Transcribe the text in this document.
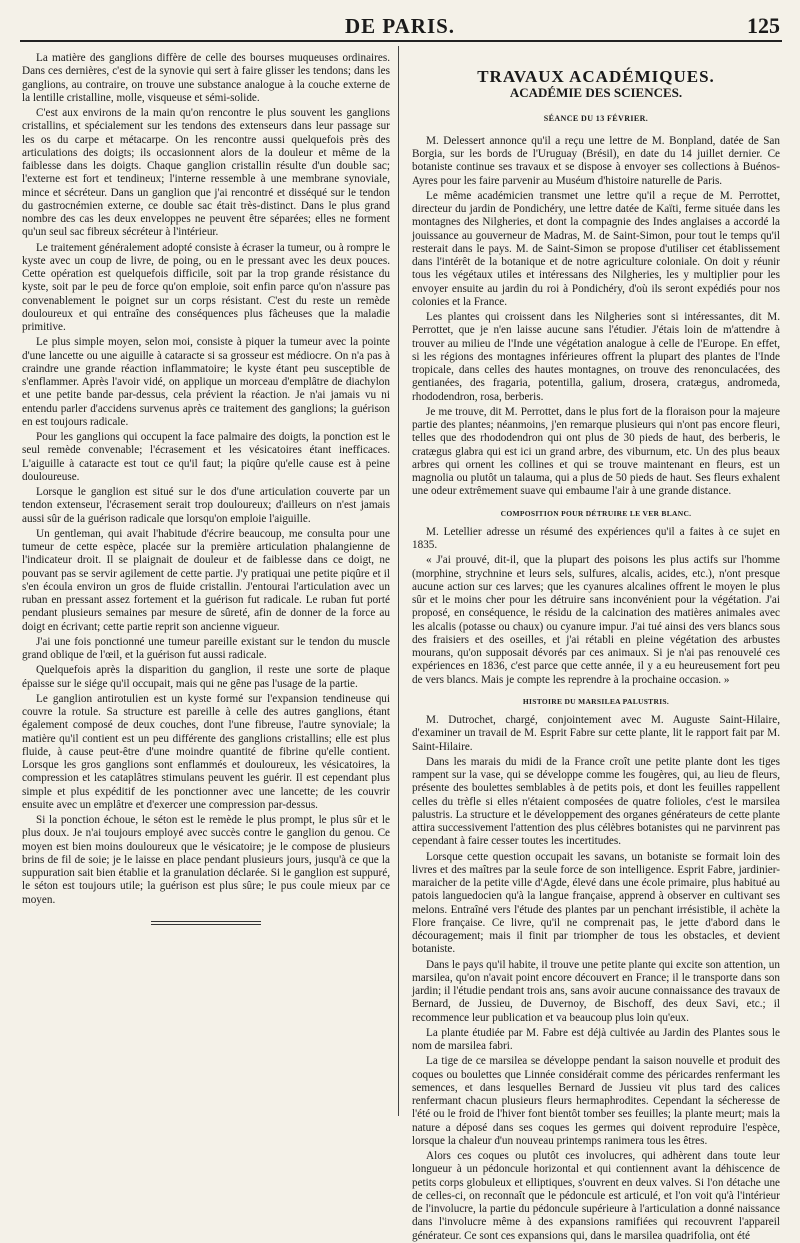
DE PARIS.	125

La matière des ganglions diffère de celle des bourses muqueuses ordinaires. Dans ces dernières, c'est de la synovie qui sert à faire glisser les tendons; dans les ganglions, au contraire, on trouve une substance analogue à la couche externe de la lentille cristalline, molle, visqueuse et sémi-solide.

C'est aux environs de la main qu'on rencontre le plus souvent les ganglions cristallins, et spécialement sur les tendons des extenseurs dans leur passage sur les os du carpe et métacarpe. On les rencontre aussi quelquefois près des articulations des doigts; ils occasionnent alors de la douleur et même de la faiblesse dans les doigts. Chaque ganglion cristallin résulte d'un double sac; l'externe est fort et tendineux; l'interne ressemble à une membrane synoviale, mince et sécréteur. Dans un ganglion que j'ai rencontré et disséqué sur le tendon du gastrocnémien externe, ce double sac était très-distinct. Dans le plus grand nombre des cas les deux enveloppes ne peuvent être séparées; elles ne forment qu'un seul sac fibreux sécréteur à l'intérieur.

Le traitement généralement adopté consiste à écraser la tumeur, ou à rompre le kyste avec un coup de livre, de poing, ou en le pressant avec les deux pouces. Cette opération est quelquefois difficile, soit par la trop grande résistance du kyste, soit par le peu de force qu'on emploie, soit enfin parce qu'on n'assure pas convenablement le poignet sur un corps résistant. C'est du reste un remède douloureux et qui entraîne des conséquences plus fâcheuses que la maladie primitive.

Le plus simple moyen, selon moi, consiste à piquer la tumeur avec la pointe d'une lancette ou une aiguille à cataracte si sa grosseur est médiocre. On n'a pas à craindre une grande réaction inflammatoire; le kyste étant peu susceptible de s'enflammer. Après l'avoir vidé, on applique un morceau d'emplâtre de diachylon et une petite bande par-dessus, cela prévient la réaction. Je n'ai jamais vu ni entendu parler d'accidens survenus après ce traitement des ganglions; la guérison en est toujours radicale.

Pour les ganglions qui occupent la face palmaire des doigts, la ponction est le seul remède convenable; l'écrasement et les vésicatoires étant inefficaces. L'aiguille à cataracte est tout ce qu'il faut; la piqûre qu'elle cause est à peine douloureuse.

Lorsque le ganglion est situé sur le dos d'une articulation couverte par un tendon extenseur, l'écrasement serait trop douloureux; d'ailleurs on n'est jamais aussi sûr de la guérison radicale que lorsqu'on emploie l'aiguille.

Un gentleman, qui avait l'habitude d'écrire beaucoup, me consulta pour une tumeur de cette espèce, placée sur la première articulation phalangienne de l'indicateur droit. Il se plaignait de douleur et de faiblesse dans ce doigt, ne pouvant pas se servir agilement de cette partie. J'y pratiquai une petite piqûre et il s'en écoula environ un gros de fluide cristallin. J'entourai l'articulation avec un ruban en pressant assez fortement et la guérison fut radicale. Le ruban fut porté pendant plusieurs semaines par mesure de sûreté, afin de donner de la force au doigt en écrivant; cette partie reprit son ancienne vigueur.

J'ai une fois ponctionné une tumeur pareille existant sur le tendon du muscle grand oblique de l'œil, et la guérison fut aussi radicale.

Quelquefois après la disparition du ganglion, il reste une sorte de plaque épaisse sur le siége qu'il occupait, mais qui ne gêne pas l'usage de la partie.

Le ganglion antirotulien est un kyste formé sur l'expansion tendineuse qui couvre la rotule. Sa structure est pareille à celle des autres ganglions, étant également composé de deux couches, dont l'une fibreuse, l'autre synoviale; la matière qu'il contient est un peu différente des ganglions cristallins; elle est plus fluide, à cause peut-être d'une moindre quantité de fibrine qu'elle contient. Lorsque les gros ganglions sont enflammés et douloureux, les vésicatoires, la compression et les cataplâtres stimulans peuvent les guérir. Il est cependant plus simple et plus expéditif de les ponctionner avec une lancette; de les couvrir ensuite avec un emplâtre et d'exercer une compression par-dessus.

Si la ponction échoue, le séton est le remède le plus prompt, le plus sûr et le plus doux. Je n'ai toujours employé avec succès contre le ganglion du genou. Ce moyen est bien moins douloureux que le vésicatoire; je le compose de plusieurs brins de fil de soie; je le laisse en place pendant plusieurs jours, jusqu'à ce que la suppuration sait bien établie et la granulation déclarée. Si le ganglion est suppuré, le séton est toujours utile; la guérison est plus sûre; le pus coule mieux par ce moyen.

TRAVAUX ACADÉMIQUES.
ACADÉMIE DES SCIENCES.
SÉANCE DU 13 FÉVRIER.

M. Delessert annonce qu'il a reçu une lettre de M. Bonpland, datée de San Borgia, sur les bords de l'Uruguay (Brésil), en date du 14 juillet dernier. Ce botaniste continue ses travaux et se dispose à envoyer ses collections à Buénos-Ayres pour les faire parvenir au Muséum d'histoire naturelle de Paris.

Le même académicien transmet une lettre qu'il a reçue de M. Perrottet, directeur du jardin de Pondichéry, une lettre datée de Kaïti, ferme située dans les montagnes des Nilgheries, et dont la compagnie des Indes anglaises a accordé la jouissance au gouverneur de Madras, M. de Saint-Simon, pour tout le temps qu'il resterait dans le pays. M. de Saint-Simon se propose d'utiliser cet établissement dans l'intérêt de la botanique et de notre agriculture coloniale. On doit y réunir tous les végétaux utiles et intéressans des Nilgheries, les y multiplier pour les envoyer ensuite au jardin du roi à Pondichéry, d'où ils seront expédiés pour nos colonies et la France.

Les plantes qui croissent dans les Nilgheries sont si intéressantes, dit M. Perrottet, que je n'en laisse aucune sans l'étudier. J'étais loin de m'attendre à trouver au milieu de l'Inde une végétation analogue à celle de l'Europe. En effet, si les régions des montagnes inférieures offrent la plupart des plantes de l'Inde tropicale, dans celles des hautes montagnes, on trouve des renonculacées, des gentianées, des fragaria, potentilla, galium, drosera, cratægus, andromeda, rhododendron, rosa, berberis.

Je me trouve, dit M. Perrottet, dans le plus fort de la floraison pour la majeure partie des plantes; néanmoins, j'en remarque plusieurs qui n'ont pas encore fleuri, telles que des rhododendron qui ont plus de 30 pieds de haut, des berberis, le cratægus glabra qui est ici un grand arbre, des viburnum, etc. Un des plus beaux arbres qui ornent les collines et qui se trouve maintenant en fleurs, est un magnolia ou plutôt un talauma, qui a plus de 50 pieds de haut. Ses fleurs exhalent une odeur extrêmement suave qui embaume l'air à une grande distance.

COMPOSITION POUR DÉTRUIRE LE VER BLANC.

M. Letellier adresse un résumé des expériences qu'il a faites à ce sujet en 1835.

« J'ai prouvé, dit-il, que la plupart des poisons les plus actifs sur l'homme (morphine, strychnine et leurs sels, sulfures, alcalis, acides, etc.), n'ont presque aucune action sur ces larves; que les cyanures alcalines offrent le moyen le plus sûr et le moins cher pour les détruire sans inconvénient pour la végétation. J'ai proposé, en conséquence, le résidu de la calcination des matières animales avec les alcalis (potasse ou chaux) ou cyanure impur. J'ai tué ainsi des vers blancs sous des fraisiers et des oseilles, et j'ai rétabli en pleine végétation des arbustes mourans, qu'on supposait dévorés par ces animaux. Si je n'ai pas renouvelé ces expériences en 1836, c'est parce que cette année, il y a eu heureusement fort peu de vers blancs. Mais je compte les reprendre à la prochaine occasion. »

HISTOIRE DU MARSILEA PALUSTRIS.

M. Dutrochet, chargé, conjointement avec M. Auguste Saint-Hilaire, d'examiner un travail de M. Esprit Fabre sur cette plante, lit le rapport fait par M. Saint-Hilaire.

Dans les marais du midi de la France croît une petite plante dont les tiges rampent sur la vase, qui se développe comme les fougères, qui, au lieu de fleurs, présente des boulettes semblables à de petits pois, et dont les feuilles rappellent celles du trèfle si elles n'étaient composées de quatre folioles, c'est le marsilea palustris. La structure et le développement des organes générateurs de cette plante attira successivement l'attention des plus célèbres botanistes qui ne parvinrent pas cependant à faire cesser toutes les incertitudes.

Lorsque cette question occupait les savans, un botaniste se formait loin des livres et des maîtres par la seule force de son intelligence. Esprit Fabre, jardinier-maraicher de la petite ville d'Agde, élevé dans une école primaire, plus habitué au patois languedocien qu'à la langue française, apprend à observer en cultivant ses melons. Entraîné vers l'étude des plantes par un penchant irrésistible, il achète la Flore française. Ce livre, qu'il ne comprenait pas, le jette d'abord dans le découragement; mais il finit par triompher de tous les obstacles, et devient botaniste.

Dans le pays qu'il habite, il trouve une petite plante qui excite son attention, un marsilea, qu'on n'avait point encore découvert en France; il le transporte dans son jardin; il l'étudie pendant trois ans, sans avoir aucune connaissance des travaux de Bernard, de Jussieu, de Duvernoy, de Bischoff, des deux Savi, etc.; il recommence leur publication et va beaucoup plus loin qu'eux.

La plante étudiée par M. Fabre est déjà cultivée au Jardin des Plantes sous le nom de marsilea fabri.

La tige de ce marsilea se développe pendant la saison nouvelle et produit des coques ou boulettes que Linnée considérait comme des péricardes renfermant les semences, et dans lesquelles Bernard de Jussieu vit plus tard des calices renfermant chacun plusieurs fleurs hermaphrodites. Cependant la sécheresse de l'été ou le froid de l'hiver font bientôt tomber ses feuilles; la plante meurt; mais la nature a déposé dans ses coques les germes qui doivent reproduire l'espèce, lorsque la chaleur d'un nouveau printemps ranimera tous les êtres.

Alors ces coques ou plutôt ces involucres, qui adhèrent dans toute leur longueur à un pédoncule horizontal et qui contiennent avant la déhiscence de petits corps globuleux et elliptiques, s'ouvrent en deux valves. Si l'on détache une de celles-ci, on reconnaît que le pédoncule est articulé, et l'on voit qu'à l'intérieur de l'involucre, la partie du pédoncule supérieure à l'articulation a donné naissance dans l'involucre même à des expansions ramifiées qui recouvrent l'appareil générateur. Ce sont ces expansions qui, dans le marsilea quadrifolia, ont été
